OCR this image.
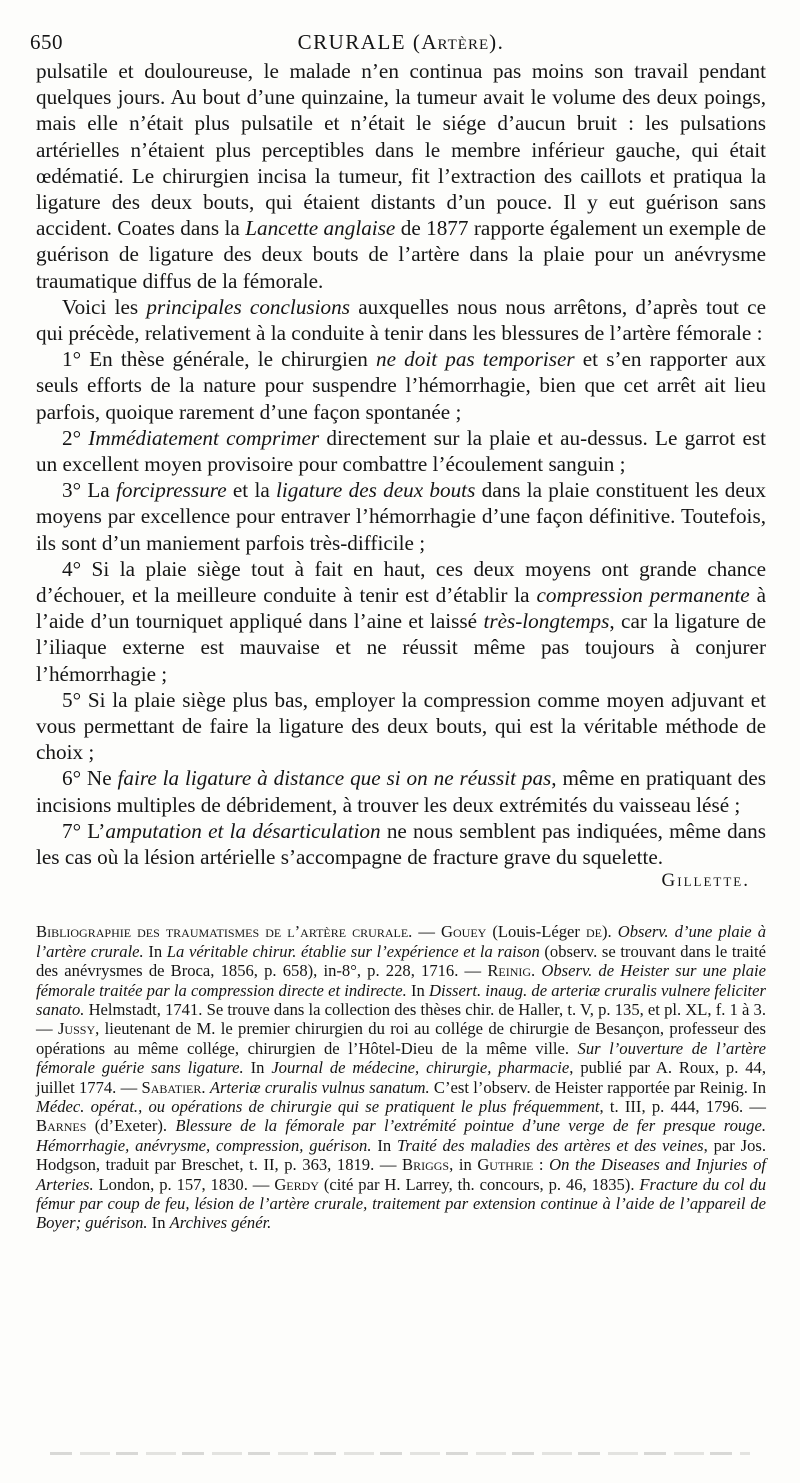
650	CRURALE (Artère).

pulsatile et douloureuse, le malade n’en continua pas moins son travail pendant quelques jours. Au bout d’une quinzaine, la tumeur avait le volume des deux poings, mais elle n’était plus pulsatile et n’était le siége d’aucun bruit : les pulsations artérielles n’étaient plus perceptibles dans le membre inférieur gauche, qui était œdématié. Le chirurgien incisa la tumeur, fit l’extraction des caillots et pratiqua la ligature des deux bouts, qui étaient distants d’un pouce. Il y eut guérison sans accident. Coates dans la Lancette anglaise de 1877 rapporte également un exemple de guérison de ligature des deux bouts de l’artère dans la plaie pour un anévrysme traumatique diffus de la fémorale.

Voici les principales conclusions auxquelles nous nous arrêtons, d’après tout ce qui précède, relativement à la conduite à tenir dans les blessures de l’artère fémorale :

1° En thèse générale, le chirurgien ne doit pas temporiser et s’en rapporter aux seuls efforts de la nature pour suspendre l’hémorrhagie, bien que cet arrêt ait lieu parfois, quoique rarement d’une façon spontanée ;

2° Immédiatement comprimer directement sur la plaie et au-dessus. Le garrot est un excellent moyen provisoire pour combattre l’écoulement sanguin ;

3° La forcipressure et la ligature des deux bouts dans la plaie constituent les deux moyens par excellence pour entraver l’hémorrhagie d’une façon définitive. Toutefois, ils sont d’un maniement parfois très-difficile ;

4° Si la plaie siège tout à fait en haut, ces deux moyens ont grande chance d’échouer, et la meilleure conduite à tenir est d’établir la compression permanente à l’aide d’un tourniquet appliqué dans l’aine et laissé très-longtemps, car la ligature de l’iliaque externe est mauvaise et ne réussit même pas toujours à conjurer l’hémorrhagie ;

5° Si la plaie siège plus bas, employer la compression comme moyen adjuvant et vous permettant de faire la ligature des deux bouts, qui est la véritable méthode de choix ;

6° Ne faire la ligature à distance que si on ne réussit pas, même en pratiquant des incisions multiples de débridement, à trouver les deux extrémités du vaisseau lésé ;

7° L’amputation et la désarticulation ne nous semblent pas indiquées, même dans les cas où la lésion artérielle s’accompagne de fracture grave du squelette.

Gillette.

Bibliographie des traumatismes de l’artère crurale. — Gouey (Louis-Léger de). Observ. d’une plaie à l’artère crurale. In La véritable chirur. établie sur l’expérience et la raison (observ. se trouvant dans le traité des anévrysmes de Broca, 1856, p. 658), in-8°, p. 228, 1716. — Reinig. Observ. de Heister sur une plaie fémorale traitée par la compression directe et indirecte. In Dissert. inaug. de arteriæ cruralis vulnere feliciter sanato. Helmstadt, 1741. Se trouve dans la collection des thèses chir. de Haller, t. V, p. 135, et pl. XL, f. 1 à 3. — Jussy, lieutenant de M. le premier chirurgien du roi au collége de chirurgie de Besançon, professeur des opérations au même collége, chirurgien de l’Hôtel-Dieu de la même ville. Sur l’ouverture de l’artère fémorale guérie sans ligature. In Journal de médecine, chirurgie, pharmacie, publié par A. Roux, p. 44, juillet 1774. — Sabatier. Arteriæ cruralis vulnus sanatum. C’est l’observ. de Heister rapportée par Reinig. In Médec. opérat., ou opérations de chirurgie qui se pratiquent le plus fréquemment, t. III, p. 444, 1796. — Barnes (d’Exeter). Blessure de la fémorale par l’extrémité pointue d’une verge de fer presque rouge. Hémorrhagie, anévrysme, compression, guérison. In Traité des maladies des artères et des veines, par Jos. Hodgson, traduit par Breschet, t. II, p. 363, 1819. — Briggs, in Guthrie : On the Diseases and Injuries of Arteries. London, p. 157, 1830. — Gerdy (cité par H. Larrey, th. concours, p. 46, 1835). Fracture du col du fémur par coup de feu, lésion de l’artère crurale, traitement par extension continue à l’aide de l’appareil de Boyer; guérison. In Archives génér.
